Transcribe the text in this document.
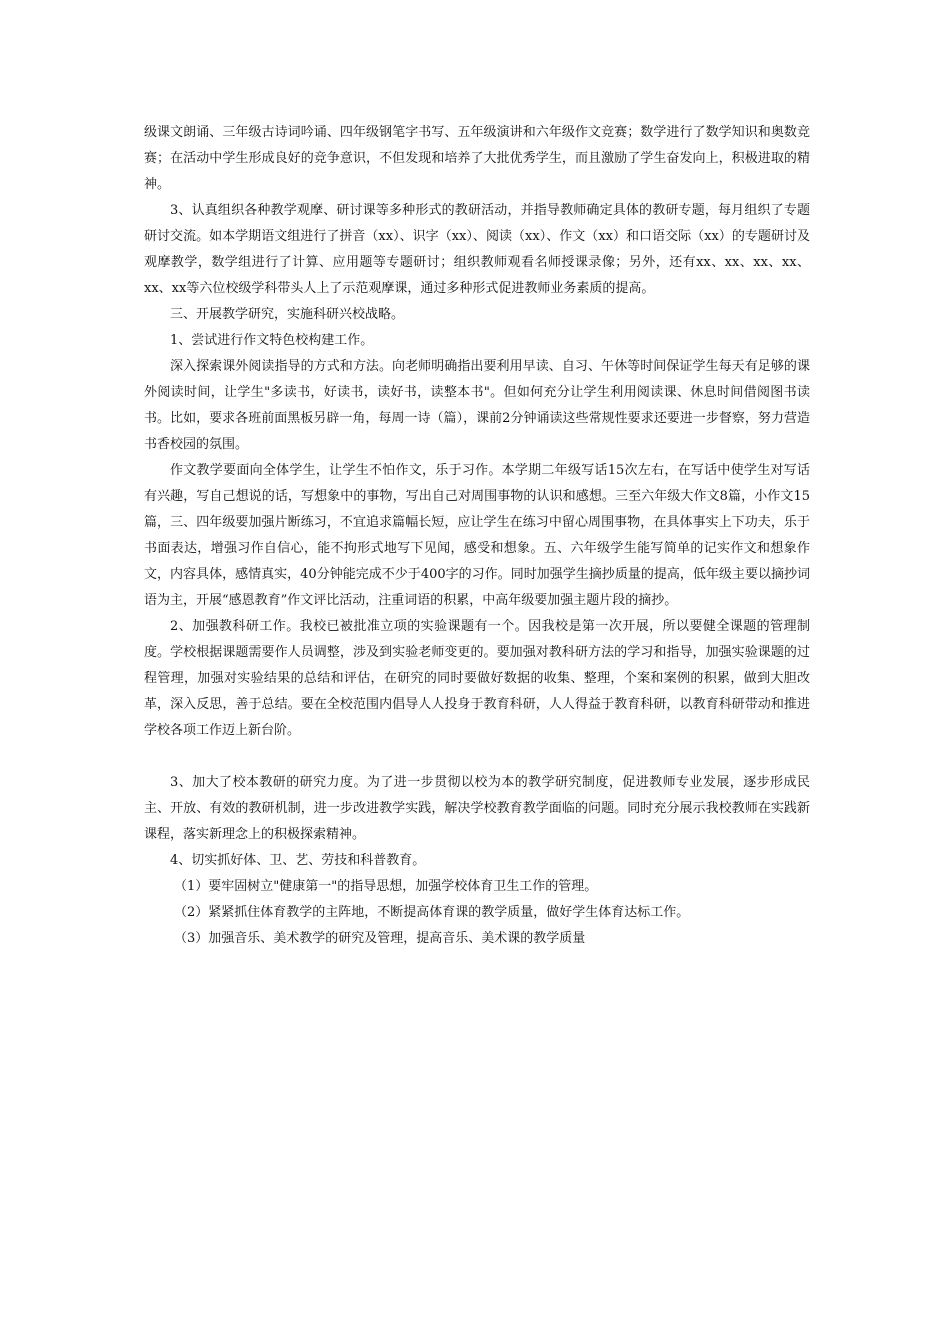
级课文朗诵、三年级古诗词吟诵、四年级钢笔字书写、五年级演讲和六年级作文竞赛；数学进行了数学知识和奥数竞赛；在活动中学生形成良好的竞争意识，不但发现和培养了大批优秀学生，而且激励了学生奋发向上，积极进取的精神。

3、认真组织各种教学观摩、研讨课等多种形式的教研活动，并指导教师确定具体的教研专题，每月组织了专题研讨交流。如本学期语文组进行了拼音（xx）、识字（xx）、阅读（xx）、作文（xx）和口语交际（xx）的专题研讨及观摩教学，数学组进行了计算、应用题等专题研讨；组织教师观看名师授课录像；另外，还有xx、xx、xx、xx、xx、xx等六位校级学科带头人上了示范观摩课，通过多种形式促进教师业务素质的提高。

三、开展教学研究，实施科研兴校战略。

1、尝试进行作文特色校构建工作。

深入探索课外阅读指导的方式和方法。向老师明确指出要利用早读、自习、午休等时间保证学生每天有足够的课外阅读时间，让学生"多读书，好读书，读好书，读整本书"。但如何充分让学生利用阅读课、休息时间借阅图书读书。比如，要求各班前面黑板另辟一角，每周一诗（篇），课前2分钟诵读这些常规性要求还要进一步督察，努力营造书香校园的氛围。

作文教学要面向全体学生，让学生不怕作文，乐于习作。本学期二年级写话15次左右，在写话中使学生对写话有兴趣，写自己想说的话，写想象中的事物，写出自己对周围事物的认识和感想。三至六年级大作文8篇，小作文15篇，三、四年级要加强片断练习，不宜追求篇幅长短，应让学生在练习中留心周围事物，在具体事实上下功夫，乐于书面表达，增强习作自信心，能不拘形式地写下见闻，感受和想象。五、六年级学生能写简单的记实作文和想象作文，内容具体，感情真实，40分钟能完成不少于400字的习作。同时加强学生摘抄质量的提高，低年级主要以摘抄词语为主，开展“感恩教育”作文评比活动，注重词语的积累，中高年级要加强主题片段的摘抄。

2、加强教科研工作。我校已被批准立项的实验课题有一个。因我校是第一次开展，所以要健全课题的管理制度。学校根据课题需要作人员调整，涉及到实验老师变更的。要加强对教科研方法的学习和指导，加强实验课题的过程管理，加强对实验结果的总结和评估，在研究的同时要做好数据的收集、整理，个案和案例的积累，做到大胆改革，深入反思，善于总结。要在全校范围内倡导人人投身于教育科研，人人得益于教育科研，以教育科研带动和推进学校各项工作迈上新台阶。

3、加大了校本教研的研究力度。为了进一步贯彻以校为本的教学研究制度，促进教师专业发展，逐步形成民主、开放、有效的教研机制，进一步改进教学实践，解决学校教育教学面临的问题。同时充分展示我校教师在实践新课程，落实新理念上的积极探索精神。

4、切实抓好体、卫、艺、劳技和科普教育。

（1）要牢固树立"健康第一"的指导思想，加强学校体育卫生工作的管理。

（2）紧紧抓住体育教学的主阵地，不断提高体育课的教学质量，做好学生体育达标工作。

（3）加强音乐、美术教学的研究及管理，提高音乐、美术课的教学质量
